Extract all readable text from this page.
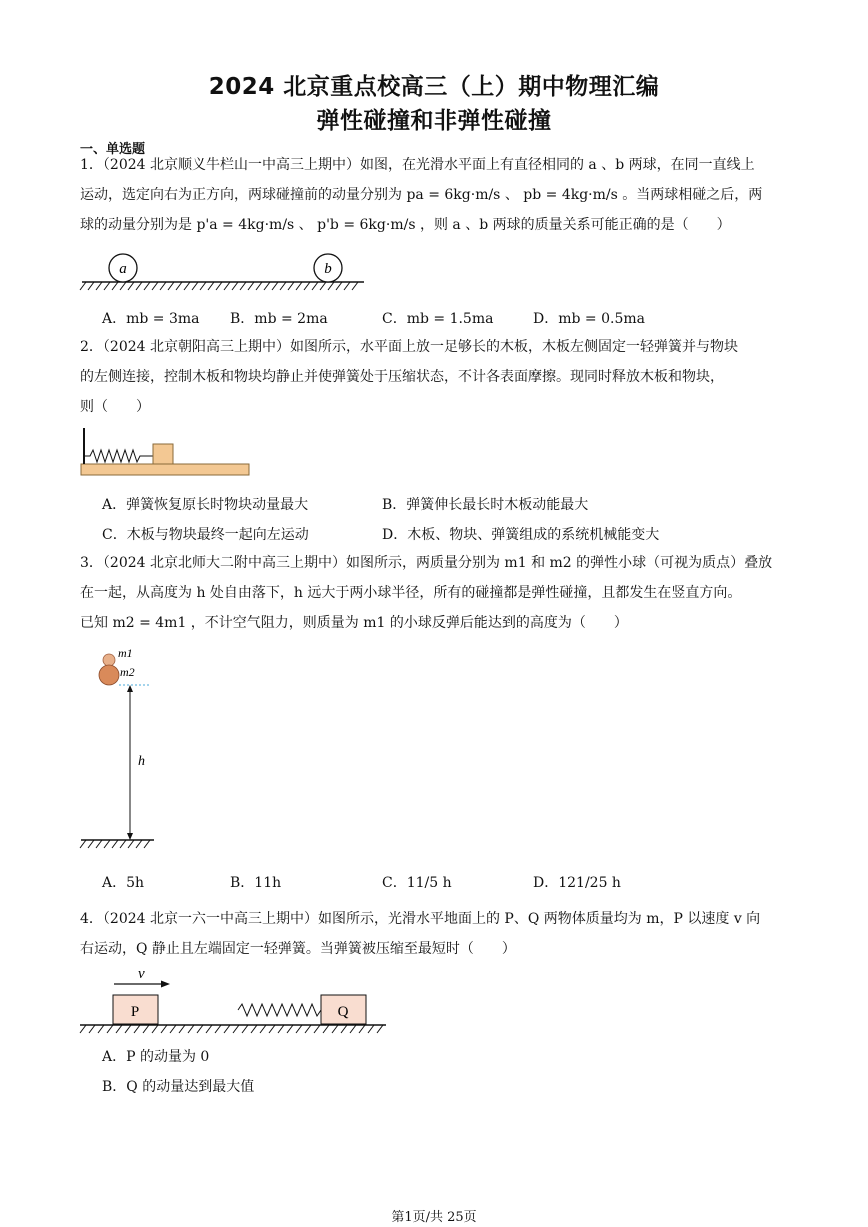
2024 北京重点校高三（上）期中物理汇编
弹性碰撞和非弹性碰撞
一、单选题
1．（2024 北京顺义牛栏山一中高三上期中）如图，在光滑水平面上有直径相同的 a 、b 两球，在同一直线上
运动，选定向右为正方向，两球碰撞前的动量分别为 pa = 6kg·m/s 、 pb = 4kg·m/s 。当两球相碰之后，两
球的动量分别为是 p'a = 4kg·m/s 、 p'b = 6kg·m/s ，则 a 、b 两球的质量关系可能正确的是（　　）
a	b
A．mb = 3ma B．mb = 2ma	C．mb = 1.5ma	D．mb = 0.5ma
2．（2024 北京朝阳高三上期中）如图所示，水平面上放一足够长的木板，木板左侧固定一轻弹簧并与物块
的左侧连接，控制木板和物块均静止并使弹簧处于压缩状态，不计各表面摩擦。现同时释放木板和物块，
则（　　）
A．弹簧恢复原长时物块动量最大	B．弹簧伸长最长时木板动能最大
C．木板与物块最终一起向左运动	D．木板、物块、弹簧组成的系统机械能变大
3．（2024 北京北师大二附中高三上期中）如图所示，两质量分别为 m1 和 m2 的弹性小球（可视为质点）叠放
在一起，从高度为 h 处自由落下，h 远大于两小球半径，所有的碰撞都是弹性碰撞，且都发生在竖直方向。
已知 m2 = 4m1 ，不计空气阻力，则质量为 m1 的小球反弹后能达到的高度为（　　）
m1
m2
h
A．5h	B．11h	C．11/5 h	D．121/25 h
4．（2024 北京一六一中高三上期中）如图所示，光滑水平地面上的 P、Q 两物体质量均为 m，P 以速度 v 向
右运动，Q 静止且左端固定一轻弹簧。当弹簧被压缩至最短时（　　）
v
P	Q
A．P 的动量为 0
B．Q 的动量达到最大值
第1页/共 25页
